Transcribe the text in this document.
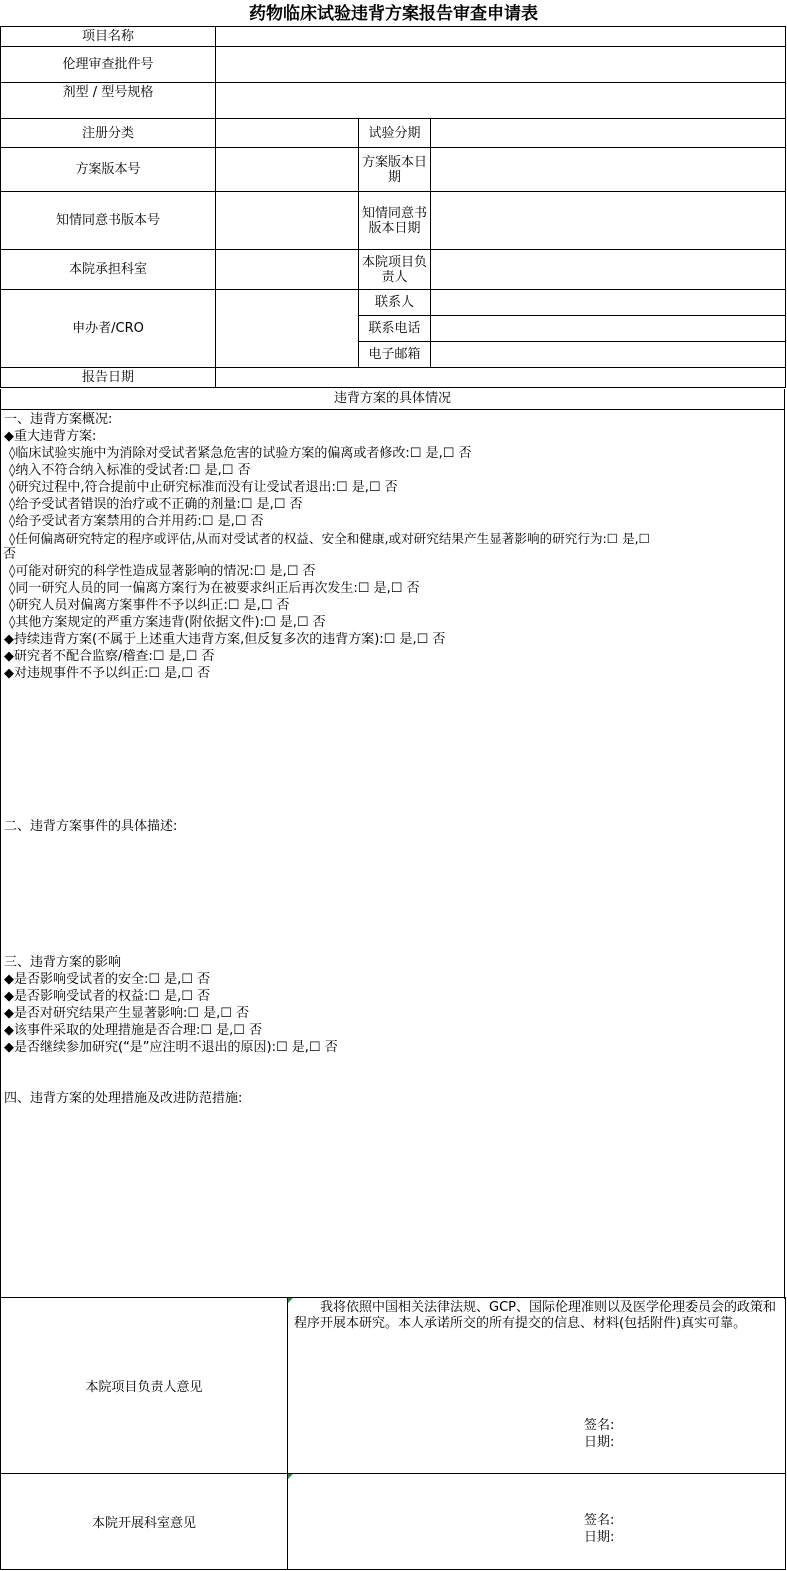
药物临床试验违背方案报告审查申请表
项目名称			
伦理审查批件号			
剂型 / 型号规格			
注册分类		试验分期	
方案版本号		方案版本日期	
知情同意书版本号		知情同意书版本日期	
本院承担科室		本院项目负责人	
申办者/CRO		联系人	
		联系电话	
		电子邮箱	
报告日期			
违背方案的具体情况
一、违背方案概况:
◆重大违背方案:
◊临床试验实施中为消除对受试者紧急危害的试验方案的偏离或者修改:☐ 是,☐ 否
◊纳入不符合纳入标准的受试者:☐ 是,☐ 否
◊研究过程中,符合提前中止研究标准而没有让受试者退出:☐ 是,☐ 否
◊给予受试者错误的治疗或不正确的剂量:☐ 是,☐ 否
◊给予受试者方案禁用的合并用药:☐ 是,☐ 否
◊任何偏离研究特定的程序或评估,从而对受试者的权益、安全和健康,或对研究结果产生显著影响的研究行为:☐ 是,☐
否
◊可能对研究的科学性造成显著影响的情况:☐ 是,☐ 否
◊同一研究人员的同一偏离方案行为在被要求纠正后再次发生:☐ 是,☐ 否
◊研究人员对偏离方案事件不予以纠正:☐ 是,☐ 否
◊其他方案规定的严重方案违背(附依据文件):☐ 是,☐ 否
◆持续违背方案(不属于上述重大违背方案,但反复多次的违背方案):☐ 是,☐ 否
◆研究者不配合监察/稽查:☐ 是,☐ 否
◆对违规事件不予以纠正:☐ 是,☐ 否
二、违背方案事件的具体描述:
三、违背方案的影响
◆是否影响受试者的安全:☐ 是,☐ 否
◆是否影响受试者的权益:☐ 是,☐ 否
◆是否对研究结果产生显著影响:☐ 是,☐ 否
◆该事件采取的处理措施是否合理:☐ 是,☐ 否
◆是否继续参加研究(“是”应注明不退出的原因):☐ 是,☐ 否
四、违背方案的处理措施及改进防范措施:
本院项目负责人意见	我将依照中国相关法律法规、GCP、国际伦理准则以及医学伦理委员会的政策和程序开展本研究。本人承诺所交的所有提交的信息、材料(包括附件)真实可靠。
签名:
日期:

本院开展科室意见	签名:
日期:
